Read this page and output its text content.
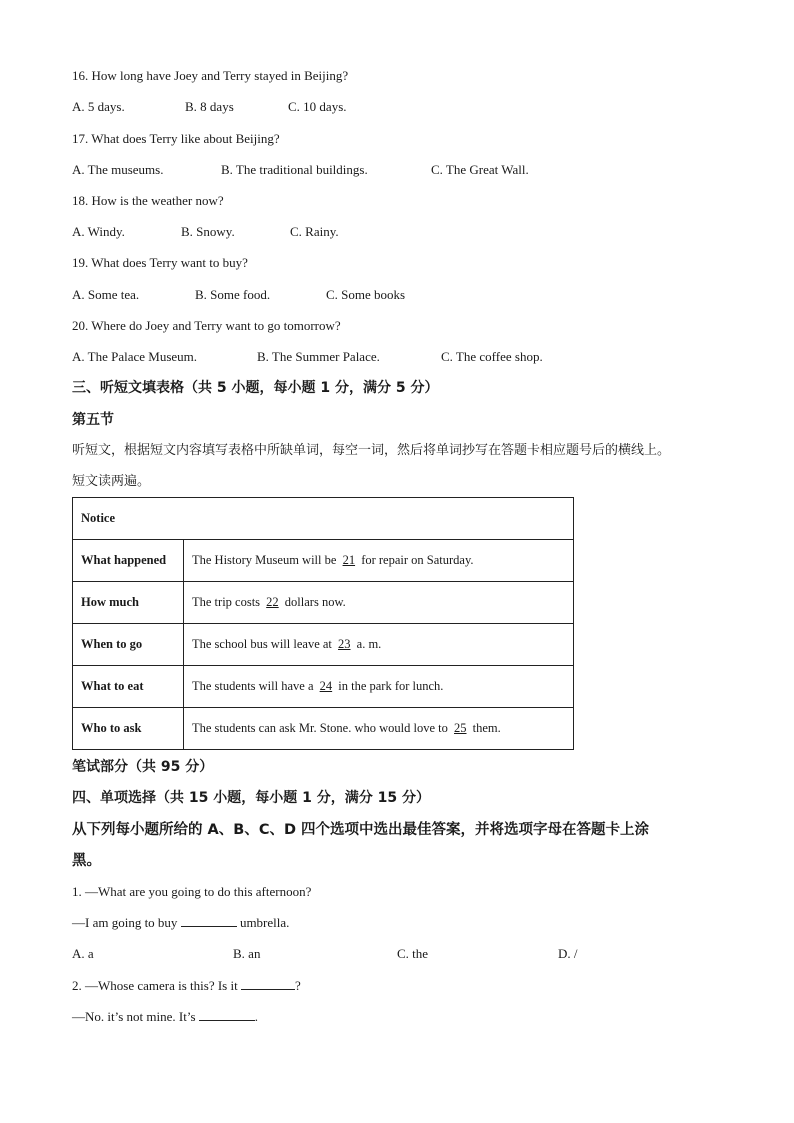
16. How long have Joey and Terry stayed in Beijing?
A. 5 days.	B. 8 days	C. 10 days.
17. What does Terry like about Beijing?
A. The museums.	B. The traditional buildings.	C. The Great Wall.
18. How is the weather now?
A. Windy.	B. Snowy.	C. Rainy.
19. What does Terry want to buy?
A. Some tea.	B. Some food.	C. Some books
20. Where do Joey and Terry want to go tomorrow?
A. The Palace Museum.	B. The Summer Palace.	C. The coffee shop.
三、听短文填表格（共 5 小题，每小题 1 分，满分 5 分）
第五节
听短文，根据短文内容填写表格中所缺单词，每空一词，然后将单词抄写在答题卡相应题号后的横线上。
短文读两遍。
Notice	
What happened	The History Museum will be 21 for repair on Saturday.
How much	The trip costs 22 dollars now.
When to go	The school bus will leave at 23 a. m.
What to eat	The students will have a 24 in the park for lunch.
Who to ask	The students can ask Mr. Stone. who would love to 25 them.
笔试部分（共 95 分）
四、单项选择（共 15 小题，每小题 1 分，满分 15 分）
从下列每小题所给的 A、B、C、D 四个选项中选出最佳答案，并将选项字母在答题卡上涂
黑。
1. —What are you going to do this afternoon?
—I am going to buy	umbrella.
A. a	B. an	C. the	D. /
2. —Whose camera is this? Is it	?
—No. it’s not mine. It’s	.
